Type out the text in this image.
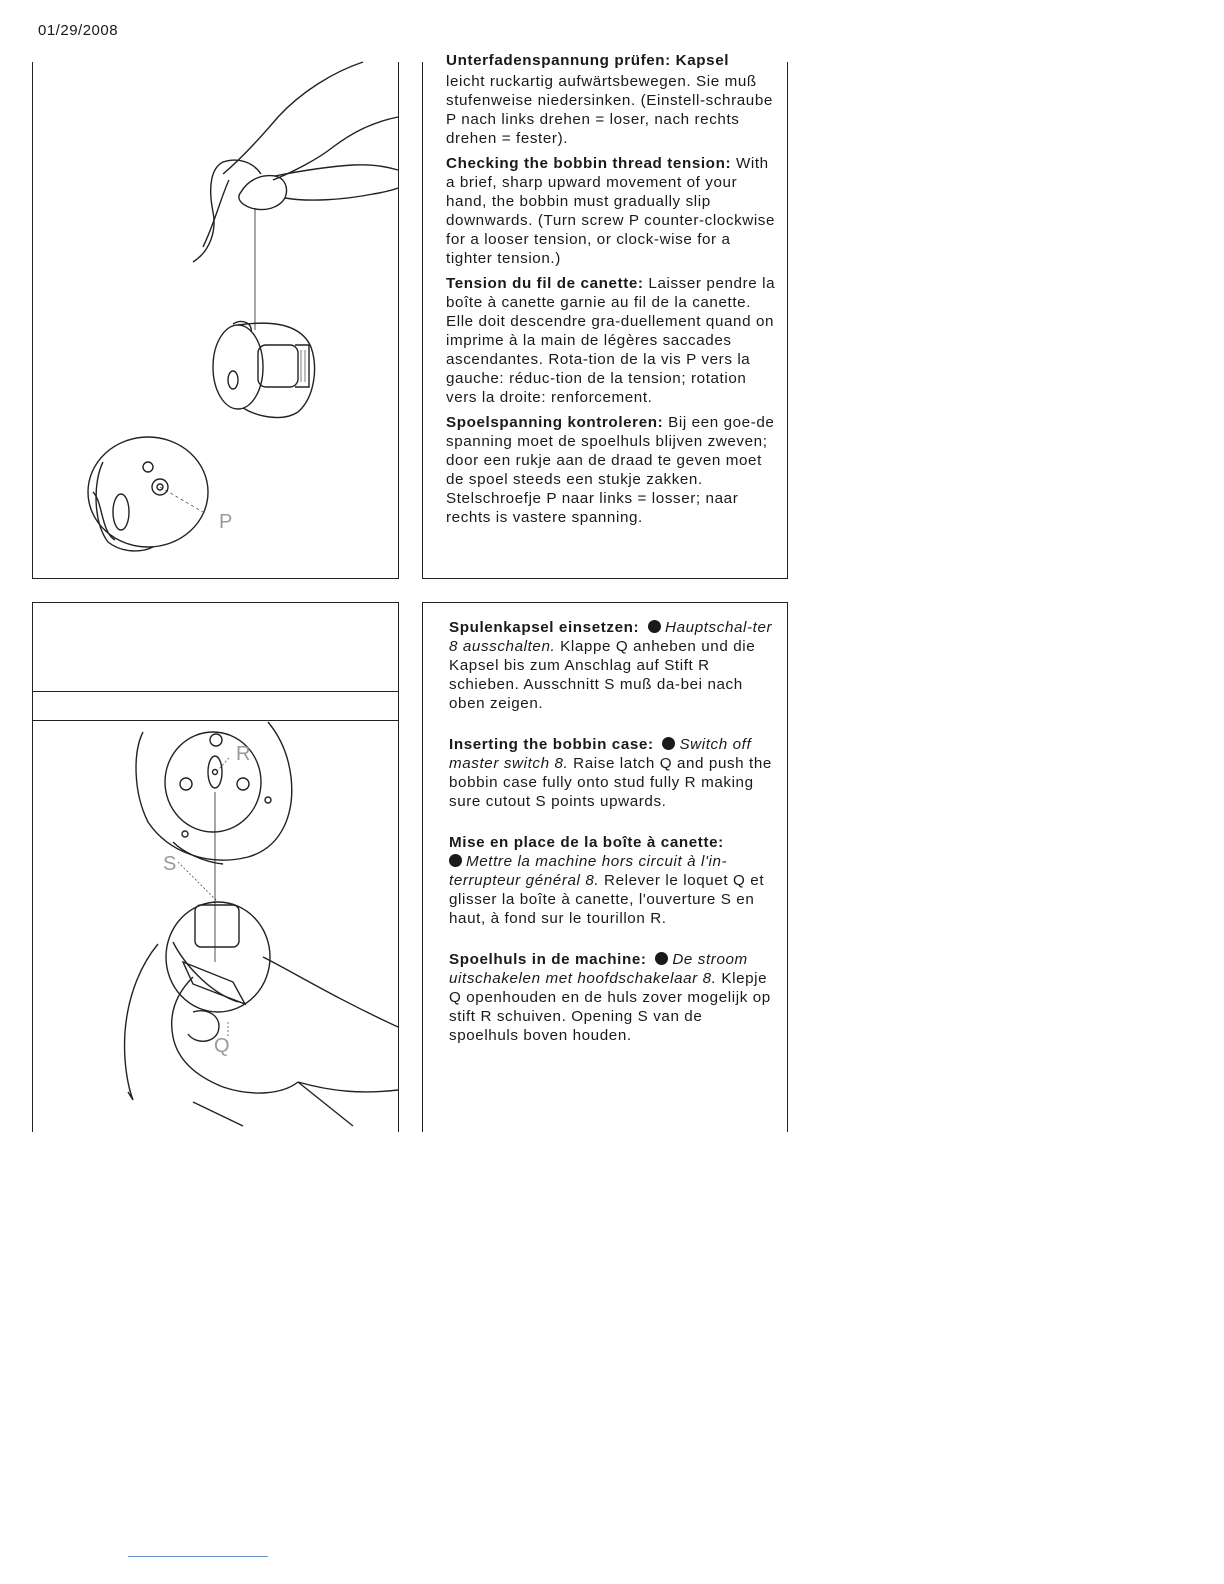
01/29/2008
P
Unterfadenspannung prüfen: Kapsel

leicht ruckartig aufwärtsbewegen. Sie muß stufenweise niedersinken. (Einstell-schraube P nach links drehen = loser, nach rechts drehen = fester).

Checking the bobbin thread tension: With a brief, sharp upward movement of your hand, the bobbin must gradually slip downwards. (Turn screw P counter-clockwise for a looser tension, or clock-wise for a tighter tension.)

Tension du fil de canette: Laisser pendre la boîte à canette garnie au fil de la canette. Elle doit descendre gra-duellement quand on imprime à la main de légères saccades ascendantes. Rota-tion de la vis P vers la gauche: réduc-tion de la tension; rotation vers la droite: renforcement.

Spoelspanning kontroleren: Bij een goe-de spanning moet de spoelhuls blijven zweven; door een rukje aan de draad te geven moet de spoel steeds een stukje zakken. Stelschroefje P naar links = losser; naar rechts is vastere spanning.

R
S
Q

Spulenkapsel einsetzen: Hauptschal-ter 8 ausschalten. Klappe Q anheben und die Kapsel bis zum Anschlag auf Stift R schieben. Ausschnitt S muß da-bei nach oben zeigen.

Inserting the bobbin case: Switch off master switch 8. Raise latch Q and push the bobbin case fully onto stud fully R making sure cutout S points upwards.

Mise en place de la boîte à canette:
Mettre la machine hors circuit à l'in-terrupteur général 8. Relever le loquet Q et glisser la boîte à canette, l'ouverture S en haut, à fond sur le tourillon R.

Spoelhuls in de machine: De stroom uitschakelen met hoofdschakelaar 8. Klepje Q openhouden en de huls zover mogelijk op stift R schuiven. Opening S van de spoelhuls boven houden.
